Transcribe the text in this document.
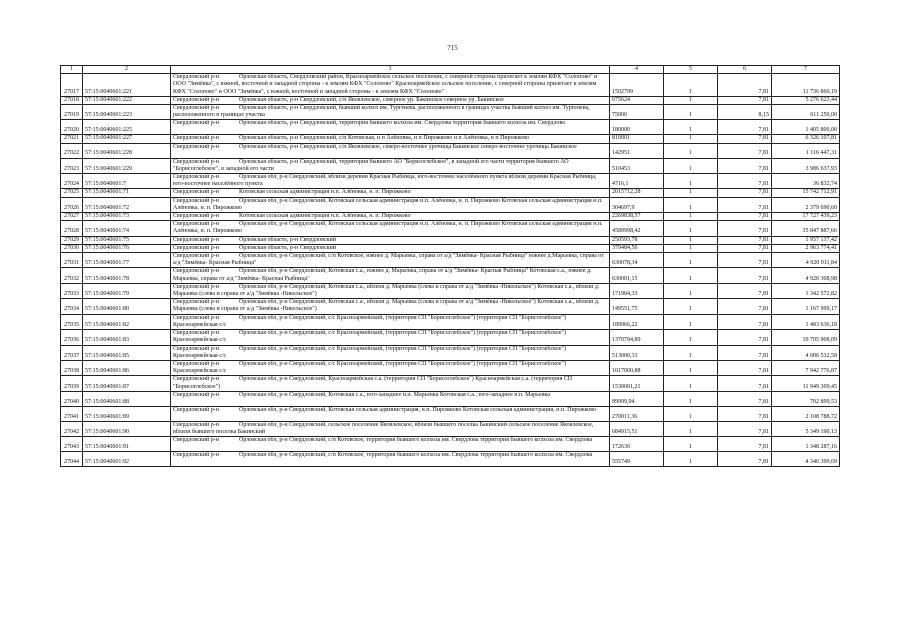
715
1	2	3	4	5	6	7
27017	57:15:0040601:221	Свердловский р-н Орловская область, Свердловский район, Красноармейское сельское поселение, с северной стороны прилегает к землям КФХ "Солопово" и ООО "Зимёвка", с южной, восточной и западной стороны - к землям КФХ "Солопово" Красноармейское сельское поселение, с северной стороны прилегает к землям КФХ "Солопово" и ООО "Зимёвка", с южной, восточной и западной стороны - к землям КФХ "Солопово"	1502799	1	7,81	11 736 860,19
27018	57:15:0040601:222	Свердловский р-н Орловская область, р-н Свердловский, с/п Яковлевское, северное ур. Бакинское северное ур. Бакинское	675624	1	7,81	5 276 623,44
27019	57:15:0040601:223	Свердловский р-н Орловская область, р-н Свердловский, бывший колхоз им. Тургенева, расположенного в границах участка бывший колхоз им. Тургенева, расположенного в границах участка	75000	1	8,15	611 250,00
27020	57:15:0040601:225	Свердловский р-н Орловская область, р-н Свердловский, территория бывшего колхоза им. Свердлова территория бывшего колхоза им. Свердлова	180000	1	7,81	1 405 800,00
27021	57:15:0040601:227	Свердловский р-н Орловская область, р-н Свердловский, с/п Котовская, н п Алёновка, н п Пирожково н п Алёновка, н п Пирожково	810001	1	7,81	6 326 107,81
27022	57:15:0040601:228	Свердловский р-н Орловская область, р-н Свердловский, с/п Яковлевское, северо-восточнее урочища Бакинское северо-восточнее урочища Бакинское	142951	1	7,81	1 116 447,31
27023	57:15:0040601:229	Свердловский р-н Орловская область, р-н Свердловский, территория бывшего АО "Борисоглебское", в западной его части территория бывшего АО "Борисоглебское", в западной его части	510453	1	7,81	3 986 637,93
27024	57:15:0040601:7	Свердловский р-н Орловская обл, р-н Свердловский, вблизи деревни Красная Рыбница, юго-восточнее населённого пункта вблизи деревни Красная Рыбница, юго-восточнее населённого пункта	4716,1	1	7,81	36 832,74
27025	57:15:0040601:71	Свердловский р-н Котовская сельская администрация н.п. Алёновка, н. п. Пирожково	2015712,28	1	7,81	15 742 712,91
27026	57:15:0040601:72	Свердловский р-н Орловская обл, р-н Свердловский, Котовская сельская администрация н.п. Алёновка, н. п. Пирожково Котовская сельская администрация н.п. Алёновка, н. п. Пирожково	304697,9	1	7,81	2 379 690,60
27027	57:15:0040601:73	Свердловский р-н Котовская сельская администрация н.п. Алёновка, н. п. Пирожково	2269838,57	1	7,81	17 727 439,23
27028	57:15:0040601:74	Свердловский р-н Орловская обл, р-н Свердловский, Котовская сельская администрация н.п. Алёновка, н. п. Пирожково Котовская сельская администрация н.п. Алёновка, н. п. Пирожково	4589998,42	1	7,81	35 847 887,66
27029	57:15:0040601:75	Свердловский р-н Орловская область, р-н Свердловский	250593,78	1	7,81	1 957 137,42
27030	57:15:0040601:76	Свердловский р-н Орловская область, р-н Свердловский	379484,56	1	7,81	2 963 774,41
27031	57:15:0040601:77	Свердловский р-н Орловская обл, р-н Свердловский, с/п Котовское, южнее д. Марьевка, справа от а/д "Зимёвка- Красная Рыбница" южнее д.Марьевка, справа от а/д "Зимёвка- Красная Рыбница"	630078,34	1	7,81	4 920 911,84
27032	57:15:0040601:78	Свердловский р-н Орловская обл, р-н Свердловский, Котовская с.а., южнее д. Марьевка, справа от а/д "Зимёвка- Красная Рыбница" Котовская с.а., южнее д. Марьевка, справа от а/д "Зимёвка- Красная Рыбница"	630001,15	1	7,81	4 920 308,98
27033	57:15:0040601:79	Свердловский р-н Орловская обл, р-н Свердловский, Котовская с.а., вблизи д. Марьевка (слева и справа от а/д "Зимёвка -Никольское") Котовская с.а., вблизи д. Марьевка (слева и справа от а/д "Зимёвка -Никольское")	171904,33	1	7,81	1 342 572,82
27034	57:15:0040601:80	Свердловский р-н Орловская обл, р-н Свердловский, Котовская с.а., вблизи д. Марьевка (слева и справа от а/д "Зимёвка -Никольское") Котовская с.а., вблизи д. Марьевка (слева и справа от а/д "Зимёвка -Никольское")	149551,75	1	7,81	1 167 999,17
27035	57:15:0040601:82	Свердловский р-н Орловская обл, р-н Свердловский, с/с Красноармейский, (территория СП "Борисоглебское") (территория СП "Борисоглебское") Красноармейская с/с	189966,22	1	7,81	1 483 636,18
27036	57:15:0040601:83	Свердловский р-н Орловская обл, р-н Свердловский, с/с Красноармейский, (территория СП "Борисоглебское") (территория СП "Борисоглебское") Красноармейская с/с	1370794,89	1	7,81	10 705 908,09
27037	57:15:0040601:85	Свердловский р-н Орловская обл, р-н Свердловский, с/с Красноармейский, (территория СП "Борисоглебское") (территория СП "Борисоглебское") Красноармейская с/с	513000,33	1	7,81	4 006 532,58
27038	57:15:0040601:86	Свердловский р-н Орловская обл, р-н Свердловский, с/с Красноармейский, (территория СП "Борисоглебское") (территория СП "Борисоглебское") Красноармейская с/с	1017000,88	1	7,81	7 942 776,87
27039	57:15:0040601:87	Свердловский р-н Орловская обл, р-н Свердловский, Красноармейская с.а. (территория СП "Борисоглебское") Красноармейская с.а. (территория СП "Борисоглебское")	1530001,21	1	7,81	11 949 309,45
27040	57:15:0040601:88	Свердловский р-н Орловская обл, р-н Свердловский, Котовская с.а., юго-западнее н.п. Марьевка Котовская с.а., юго-западнее н.п. Марьевка	89999,94	1	7,81	702 899,53
27041	57:15:0040601:89	Свердловский р-н Орловская обл, р-н Свердловский, Котовская сельская администрация, н.п. Пирожково Котовская сельская администрация, н.п. Пирожково	270011,36	1	7,81	2 108 788,72
27042	57:15:0040601:90	Свердловский р-н Орловская обл, р-н Свердловский, сельское поселение Яковлевское, вблизи бывшего поселка Бакинский сельское поселение Яковлевское, вблизи бывшего поселка Бакинский	684915,51	1	7,81	5 349 190,13
27043	57:15:0040601:91	Свердловский р-н Орловская обл, р-н Свердловский, с/п Котовское, территория бывшего колхоза им. Свердлова территория бывшего колхоза им. Свердлова	172636	1	7,81	1 348 287,16
27044	57:15:0040601:92	Свердловский р-н Орловская обл, р-н Свердловский, с/п Котовское, территория бывшего колхоза им. Свердлова территория бывшего колхоза им. Свердлова	555749	1	7,81	4 340 399,69
